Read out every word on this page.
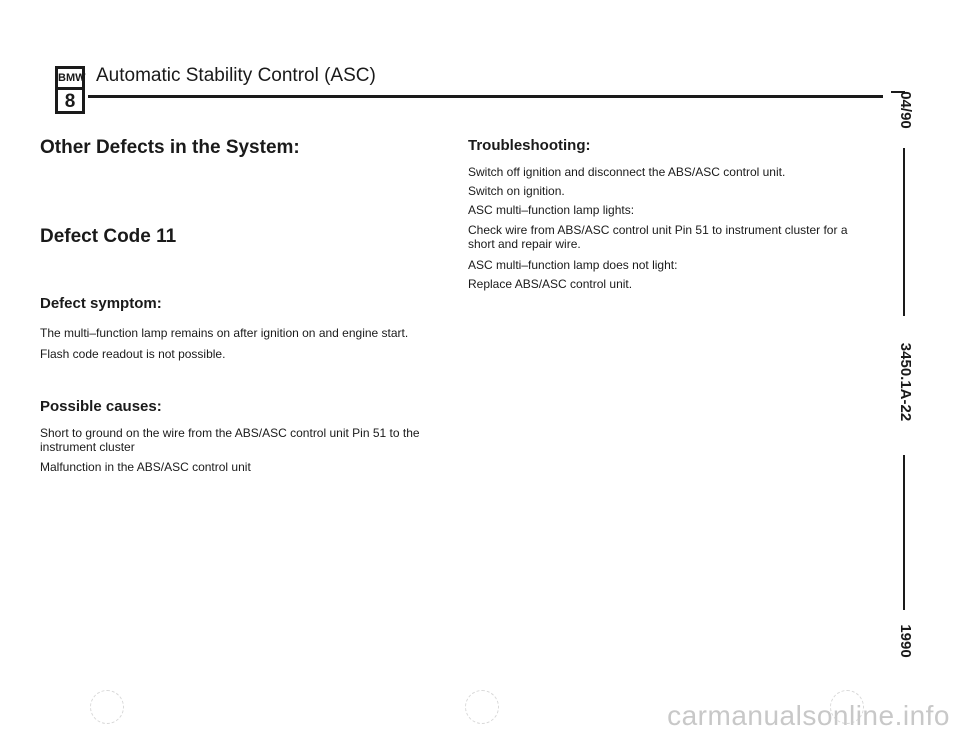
BMW
8
Automatic Stability Control (ASC)
Other Defects in the System:
Defect Code 11
Defect symptom:
The multi–function lamp remains on after ignition on and engine start.
Flash code readout is not possible.
Possible causes:
Short to ground on the wire from the ABS/ASC control unit Pin 51 to the
instrument cluster
Malfunction in the ABS/ASC control unit
Troubleshooting:
Switch off ignition and disconnect the ABS/ASC control unit.
Switch on ignition.
ASC multi–function lamp lights:
Check wire from ABS/ASC control unit Pin 51 to instrument cluster for a
short and repair wire.
ASC multi–function lamp does not light:
Replace ABS/ASC control unit.
04/90
3450.1A-22
1990
carmanualsonline.info
